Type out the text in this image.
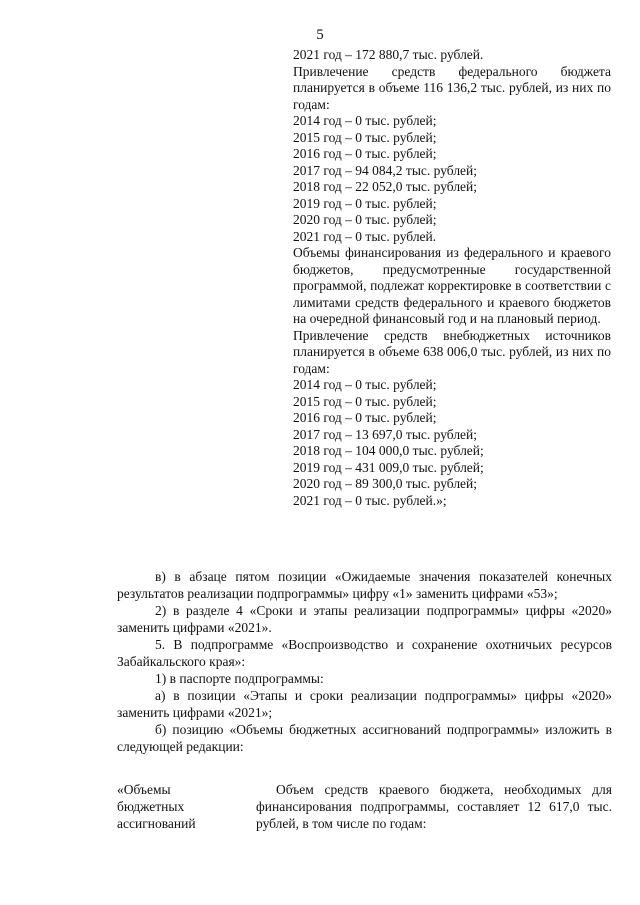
5

2021 год – 172 880,7 тыс. рублей.

Привлечение средств федерального бюджета планируется в объеме 116 136,2 тыс. рублей, из них по годам:

2014 год – 0 тыс. рублей;

2015 год – 0 тыс. рублей;

2016 год – 0 тыс. рублей;

2017 год – 94 084,2 тыс. рублей;

2018 год – 22 052,0 тыс. рублей;

2019 год – 0 тыс. рублей;

2020 год – 0 тыс. рублей;

2021 год – 0 тыс. рублей.

Объемы финансирования из федерального и краевого бюджетов, предусмотренные государственной программой, подлежат корректировке в соответствии с лимитами средств федерального и краевого бюджетов на очередной финансовый год и на плановый период.

Привлечение средств внебюджетных источников планируется в объеме 638 006,0 тыс. рублей, из них по годам:

2014 год – 0 тыс. рублей;

2015 год – 0 тыс. рублей;

2016 год – 0 тыс. рублей;

2017 год – 13 697,0 тыс. рублей;

2018 год – 104 000,0 тыс. рублей;

2019 год – 431 009,0 тыс. рублей;

2020 год – 89 300,0 тыс. рублей;

2021 год – 0 тыс. рублей.»;

в) в абзаце пятом позиции «Ожидаемые значения показателей конечных результатов реализации подпрограммы» цифру «1» заменить цифрами «53»;

2) в разделе 4 «Сроки и этапы реализации подпрограммы» цифры «2020» заменить цифрами «2021».

5. В подпрограмме «Воспроизводство и сохранение охотничьих ресурсов Забайкальского края»:

1) в паспорте подпрограммы:

а) в позиции «Этапы и сроки реализации подпрограммы» цифры «2020» заменить цифрами «2021»;

б) позицию «Объемы бюджетных ассигнований подпрограммы» изложить в следующей редакции:

«Объемы
бюджетных
ассигнований
Объем средств краевого бюджета, необходимых для финансирования подпрограммы, составляет 12 617,0 тыс. рублей, в том числе по годам:
